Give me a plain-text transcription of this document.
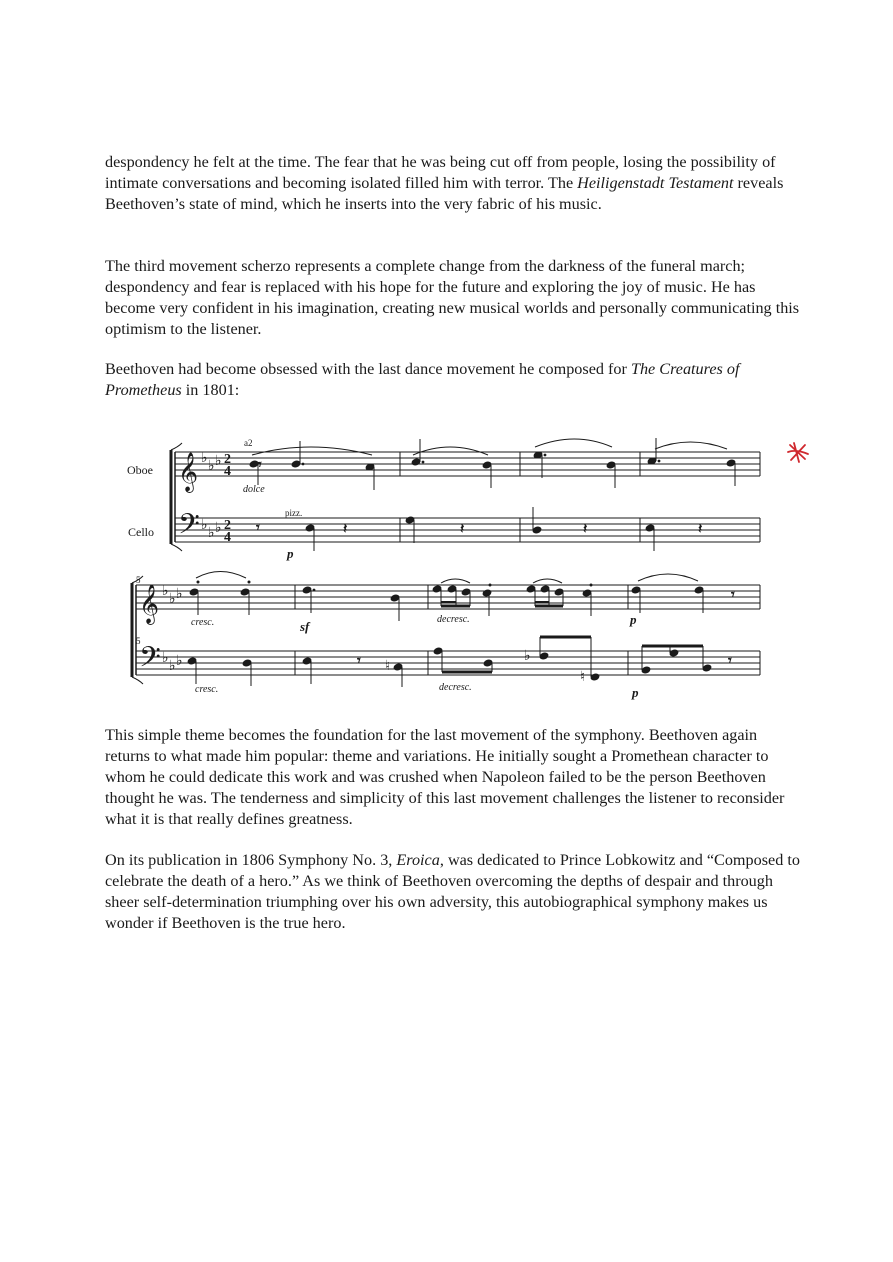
despondency he felt at the time. The fear that he was being cut off from people, losing the possibility of intimate conversations and becoming isolated filled him with terror. The Heiligenstadt Testament reveals Beethoven’s state of mind, which he inserts into the very fabric of his music.

The third movement scherzo represents a complete change from the darkness of the funeral march; despondency and fear is replaced with his hope for the future and exploring the joy of music. He has become very confident in his imagination, creating new musical worlds and personally communicating this optimism to the listener.

Beethoven had become obsessed with the last dance movement he composed for The Creatures of Prometheus in 1801:

𝄞
𝄢
𝄞
𝄢
♭
♭ ♭
♭
♭ ♭
♭
♭ ♭
♭
♭ ♭	♭
♮
♮
2
4
2
4
𝄾	𝄽	𝄽	𝄽	𝄽
𝄾
𝄾
𝄾
𝄾
Oboe
Cello
a2
dolce
pizz.
p
5
5
cresc.	sf	decresc.	p
cresc.	decresc.	p

This simple theme becomes the foundation for the last movement of the symphony. Beethoven again returns to what made him popular: theme and variations. He initially sought a Promethean character to whom he could dedicate this work and was crushed when Napoleon failed to be the person Beethoven thought he was. The tenderness and simplicity of this last movement challenges the listener to reconsider what it is that really defines greatness.

On its publication in 1806 Symphony No. 3, Eroica, was dedicated to Prince Lobkowitz and “Composed to celebrate the death of a hero.” As we think of Beethoven overcoming the depths of despair and through sheer self-determination triumphing over his own adversity, this autobiographical symphony makes us wonder if Beethoven is the true hero.
